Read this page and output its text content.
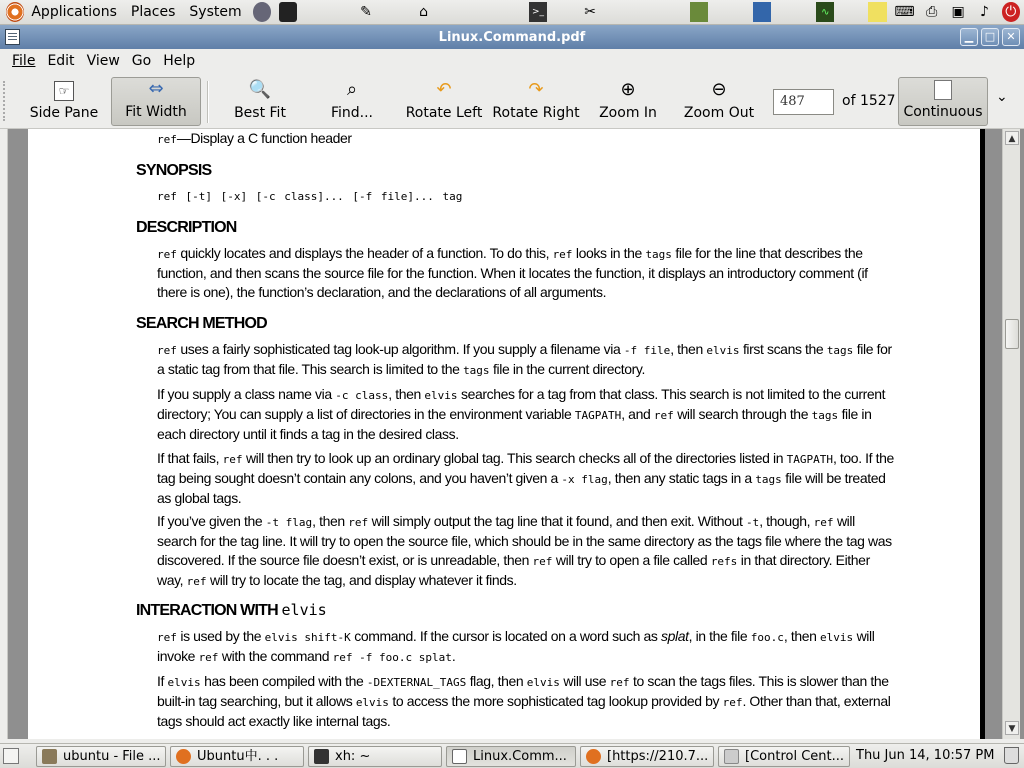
Applications	Places	System	✎	⌂	>_	✂	∿	⌨ ⎙ ▣	♪	⏻
Linux.Command.pdf	▁	□	✕
File Edit View Go Help
☞
Side Pane
⇔
Fit Width
🔍
Best Fit
⌕
Find...
↶
Rotate Left
↷
Rotate Right
⊕
Zoom In
⊖
Zoom Out
487	of 1527
Continuous
⌄
ref—Display a C function header
SYNOPSIS
ref [-t] [-x] [-c class]... [-f file]... tag
DESCRIPTION
ref quickly locates and displays the header of a function. To do this, ref looks in the tags file for the line that describes the function, and then scans the source file for the function. When it locates the function, it displays an introductory comment (if there is one), the function’s declaration, and the declarations of all arguments.
SEARCH METHOD
ref uses a fairly sophisticated tag look-up algorithm. If you supply a filename via -f file, then elvis first scans the tags file for a static tag from that file. This search is limited to the tags file in the current directory.
If you supply a class name via -c class, then elvis searches for a tag from that class. This search is not limited to the current directory; You can supply a list of directories in the environment variable TAGPATH, and ref will search through the tags file in each directory until it finds a tag in the desired class.
If that fails, ref will then try to look up an ordinary global tag. This search checks all of the directories listed in TAGPATH, too. If the tag being sought doesn’t contain any colons, and you haven’t given a -x flag, then any static tags in a tags file will be treated as global tags.
If you’ve given the -t flag, then ref will simply output the tag line that it found, and then exit. Without -t, though, ref will search for the tag line. It will try to open the source file, which should be in the same directory as the tags file where the tag was discovered. If the source file doesn’t exist, or is unreadable, then ref will try to open a file called refs in that directory. Either way, ref will try to locate the tag, and display whatever it finds.
INTERACTION WITH elvis
ref is used by the elvis shift-K command. If the cursor is located on a word such as splat, in the file foo.c, then elvis will invoke ref with the command ref -f foo.c splat.
If elvis has been compiled with the -DEXTERNAL_TAGS flag, then elvis will use ref to scan the tags files. This is slower than the built-in tag searching, but it allows elvis to access the more sophisticated tag lookup provided by ref. Other than that, external tags should act exactly like internal tags.
▲
▼
ubuntu - File ...	Ubuntu中. . .	xh: ~	Linux.Comm...	[https://210.7...	[Control Cent... Thu Jun 14, 10:57 PM
